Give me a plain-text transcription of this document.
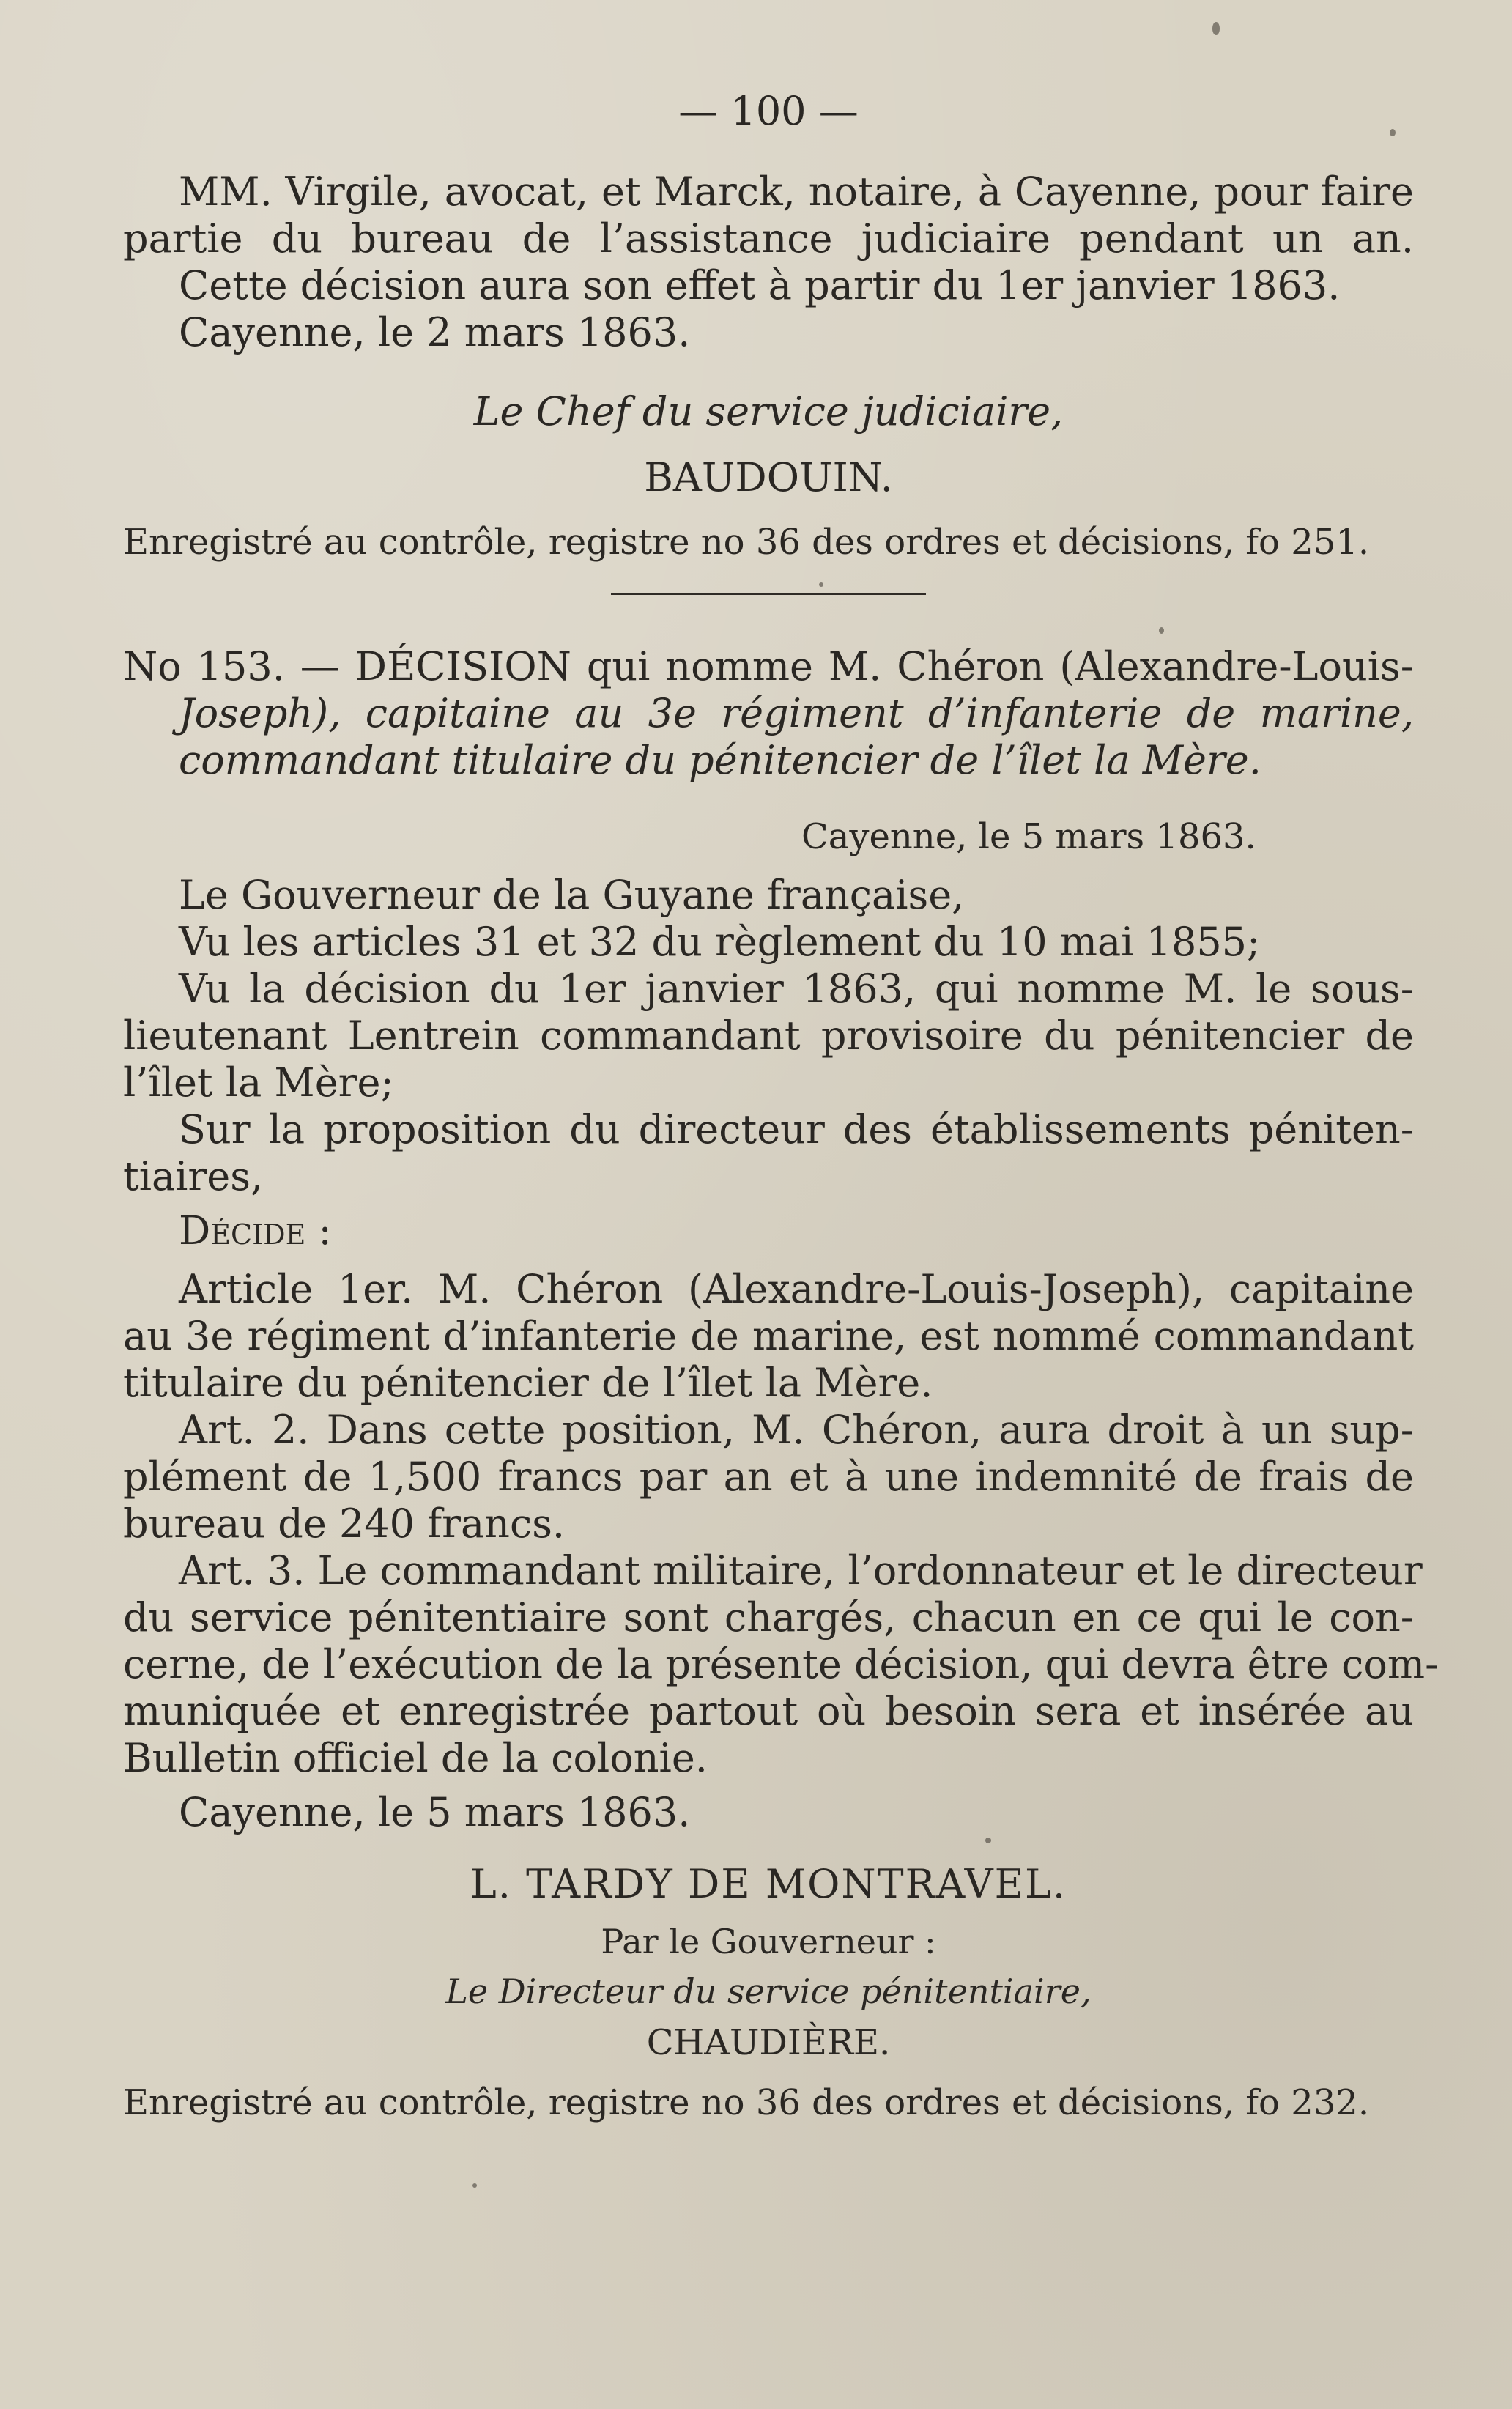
— 100 —
MM. Virgile, avocat, et Marck, notaire, à Cayenne, pour faire
partie du bureau de l’assistance judiciaire pendant un an.
Cette décision aura son effet à partir du 1er janvier 1863.
Cayenne, le 2 mars 1863.
Le Chef du service judiciaire,
BAUDOUIN.
Enregistré au contrôle, registre no 36 des ordres et décisions, fo 251.
No 153. — DÉCISION qui nomme M. Chéron (Alexandre-Louis-
Joseph), capitaine au 3e régiment d’infanterie de marine,
commandant titulaire du pénitencier de l’îlet la Mère.
Cayenne, le 5 mars 1863.
Le Gouverneur de la Guyane française,
Vu les articles 31 et 32 du règlement du 10 mai 1855;
Vu la décision du 1er janvier 1863, qui nomme M. le sous-
lieutenant Lentrein commandant provisoire du pénitencier de
l’îlet la Mère;
Sur la proposition du directeur des établissements péniten-
tiaires,
Décide :
Article 1er. M. Chéron (Alexandre-Louis-Joseph), capitaine
au 3e régiment d’infanterie de marine, est nommé commandant
titulaire du pénitencier de l’îlet la Mère.
Art. 2. Dans cette position, M. Chéron, aura droit à un sup-
plément de 1,500 francs par an et à une indemnité de frais de
bureau de 240 francs.
Art. 3. Le commandant militaire, l’ordonnateur et le directeur
du service pénitentiaire sont chargés, chacun en ce qui le con-
cerne, de l’exécution de la présente décision, qui devra être com-
muniquée et enregistrée partout où besoin sera et insérée au
Bulletin officiel de la colonie.
Cayenne, le 5 mars 1863.
L. TARDY DE MONTRAVEL.
Par le Gouverneur :
Le Directeur du service pénitentiaire,
CHAUDIÈRE.
Enregistré au contrôle, registre no 36 des ordres et décisions, fo 232.
